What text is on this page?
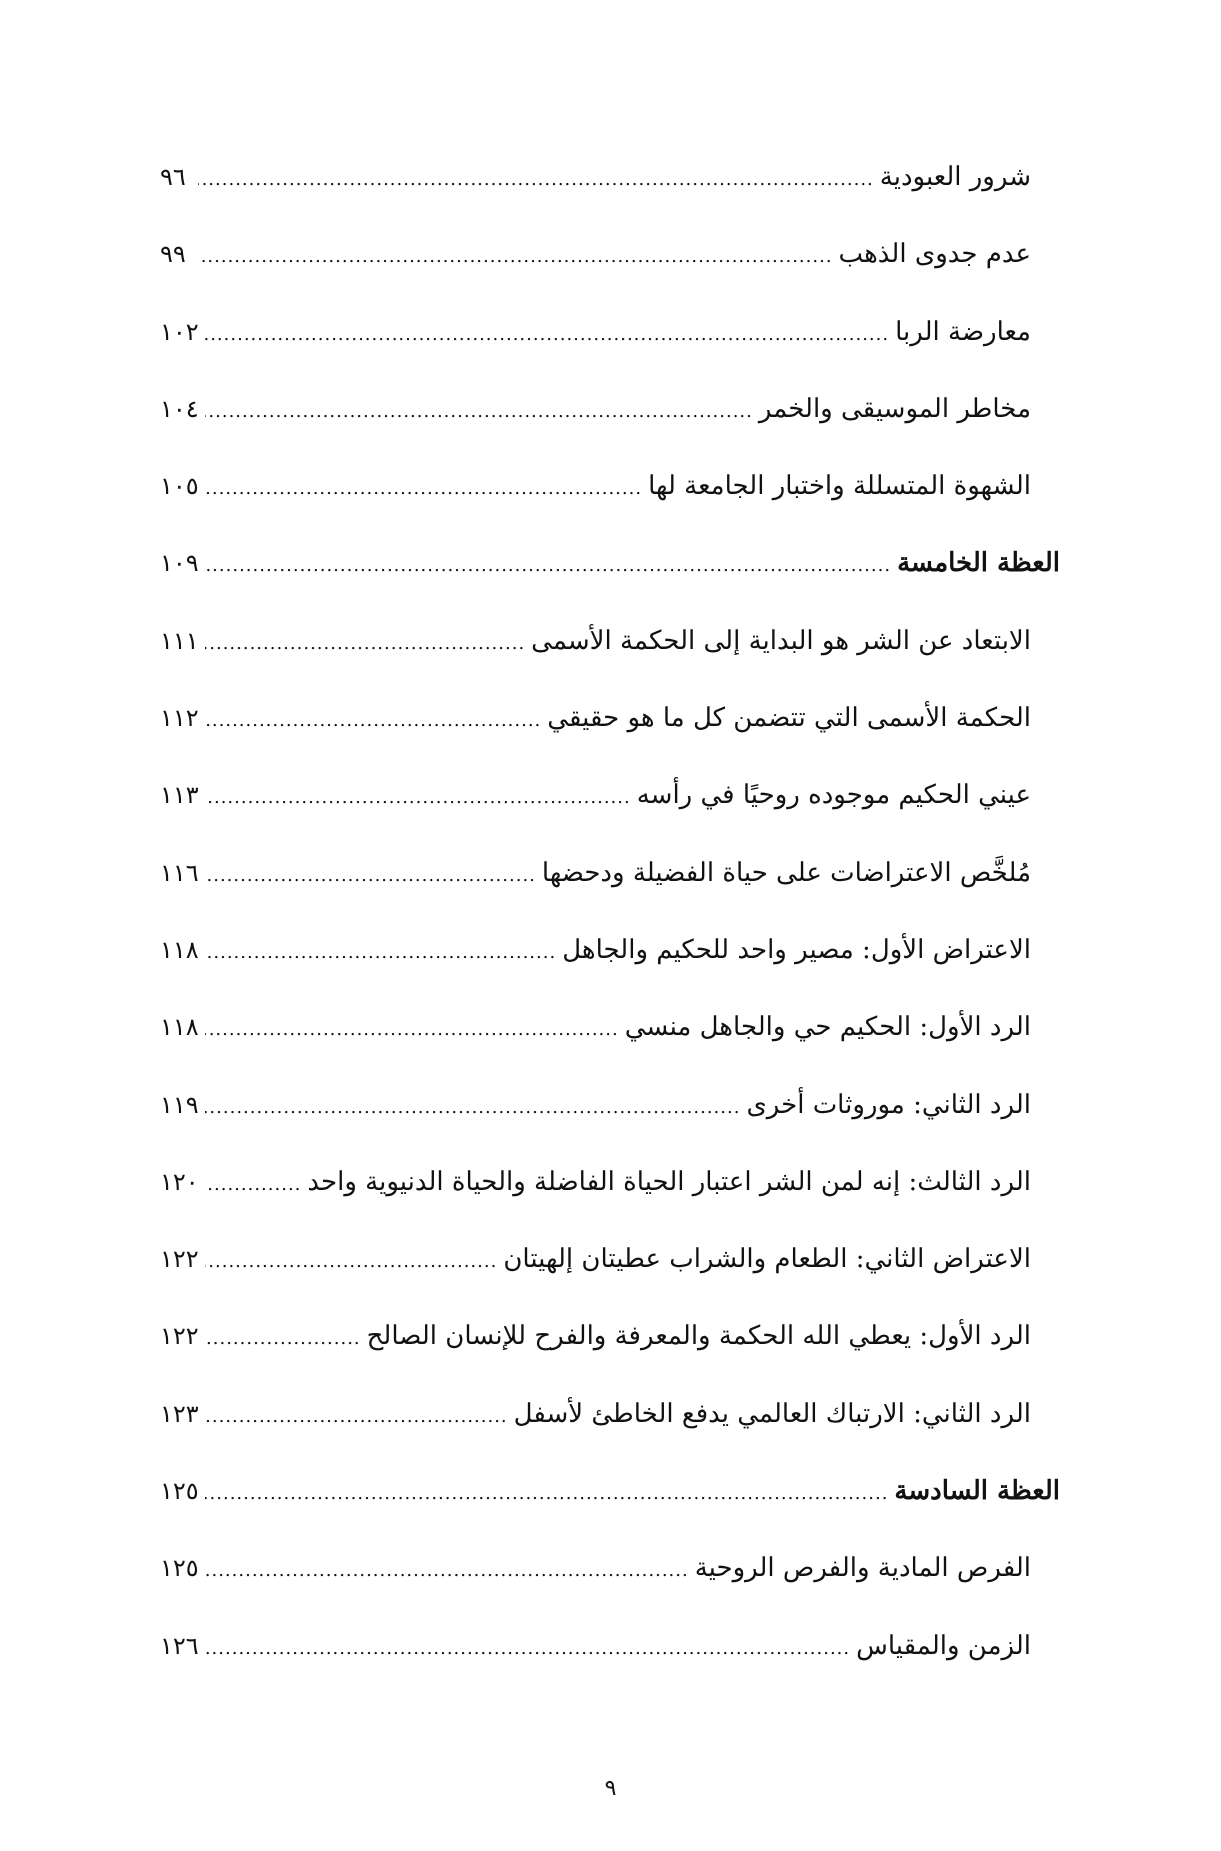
شرور العبودية
.....
٩٦
عدم جدوى الذهب
.....
٩٩
معارضة الربا
.....
١٠٢
مخاطر الموسيقى والخمر
.....
١٠٤
الشهوة المتسللة واختبار الجامعة لها
.....
١٠٥
العظة الخامسة
.....
١٠٩
الابتعاد عن الشر هو البداية إلى الحكمة الأسمى
.....
١١١
الحكمة الأسمى التي تتضمن كل ما هو حقيقي
.....
١١٢
عيني الحكيم موجوده روحيًا في رأسه
.....
١١٣
مُلخَّص الاعتراضات على حياة الفضيلة ودحضها
.....
١١٦
الاعتراض الأول: مصير واحد للحكيم والجاهل
.....
١١٨
الرد الأول: الحكيم حي والجاهل منسي
.....
١١٨
الرد الثاني: موروثات أخرى
.....
١١٩
الرد الثالث: إنه لمن الشر اعتبار الحياة الفاضلة والحياة الدنيوية واحد
.....
١٢٠
الاعتراض الثاني: الطعام والشراب عطيتان إلهيتان
.....
١٢٢
الرد الأول: يعطي الله الحكمة والمعرفة والفرح للإنسان الصالح
.....
١٢٢
الرد الثاني: الارتباك العالمي يدفع الخاطئ لأسفل
.....
١٢٣
العظة السادسة
.....
١٢٥
الفرص المادية والفرص الروحية
.....
١٢٥
الزمن والمقياس
.....
١٢٦
٩
